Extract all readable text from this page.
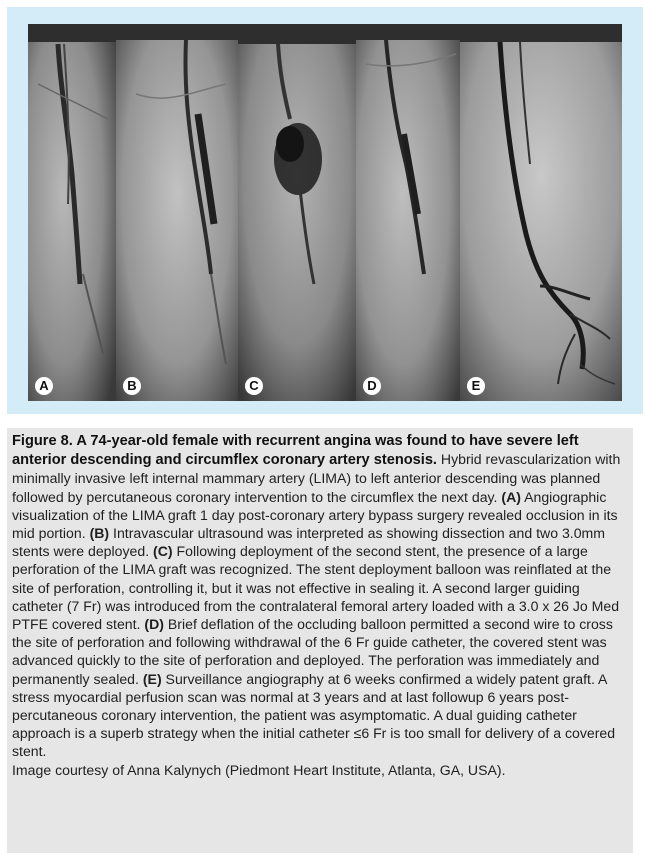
A	B	C	D	E

Figure 8. A 74-year-old female with recurrent angina was found to have severe left anterior descending and circumflex coronary artery stenosis. Hybrid revascularization with minimally invasive left internal mammary artery (LIMA) to left anterior descending was planned followed by percutaneous coronary intervention to the circumflex the next day. (A) Angiographic visualization of the LIMA graft 1 day post-coronary artery bypass surgery revealed occlusion in its mid portion. (B) Intravascular ultrasound was interpreted as showing dissection and two 3.0mm stents were deployed. (C) Following deployment of the second stent, the presence of a large perforation of the LIMA graft was recognized. The stent deployment balloon was reinflated at the site of perforation, controlling it, but it was not effective in sealing it. A second larger guiding catheter (7 Fr) was introduced from the contralateral femoral artery loaded with a 3.0 x 26 Jo Med PTFE covered stent. (D) Brief deflation of the occluding balloon permitted a second wire to cross the site of perforation and following withdrawal of the 6 Fr guide catheter, the covered stent was advanced quickly to the site of perforation and deployed. The perforation was immediately and permanently sealed. (E) Surveillance angiography at 6 weeks confirmed a widely patent graft. A stress myocardial perfusion scan was normal at 3 years and at last followup 6 years post-percutaneous coronary intervention, the patient was asymptomatic. A dual guiding catheter approach is a superb strategy when the initial catheter ≤6 Fr is too small for delivery of a covered stent.

Image courtesy of Anna Kalynych (Piedmont Heart Institute, Atlanta, GA, USA).
